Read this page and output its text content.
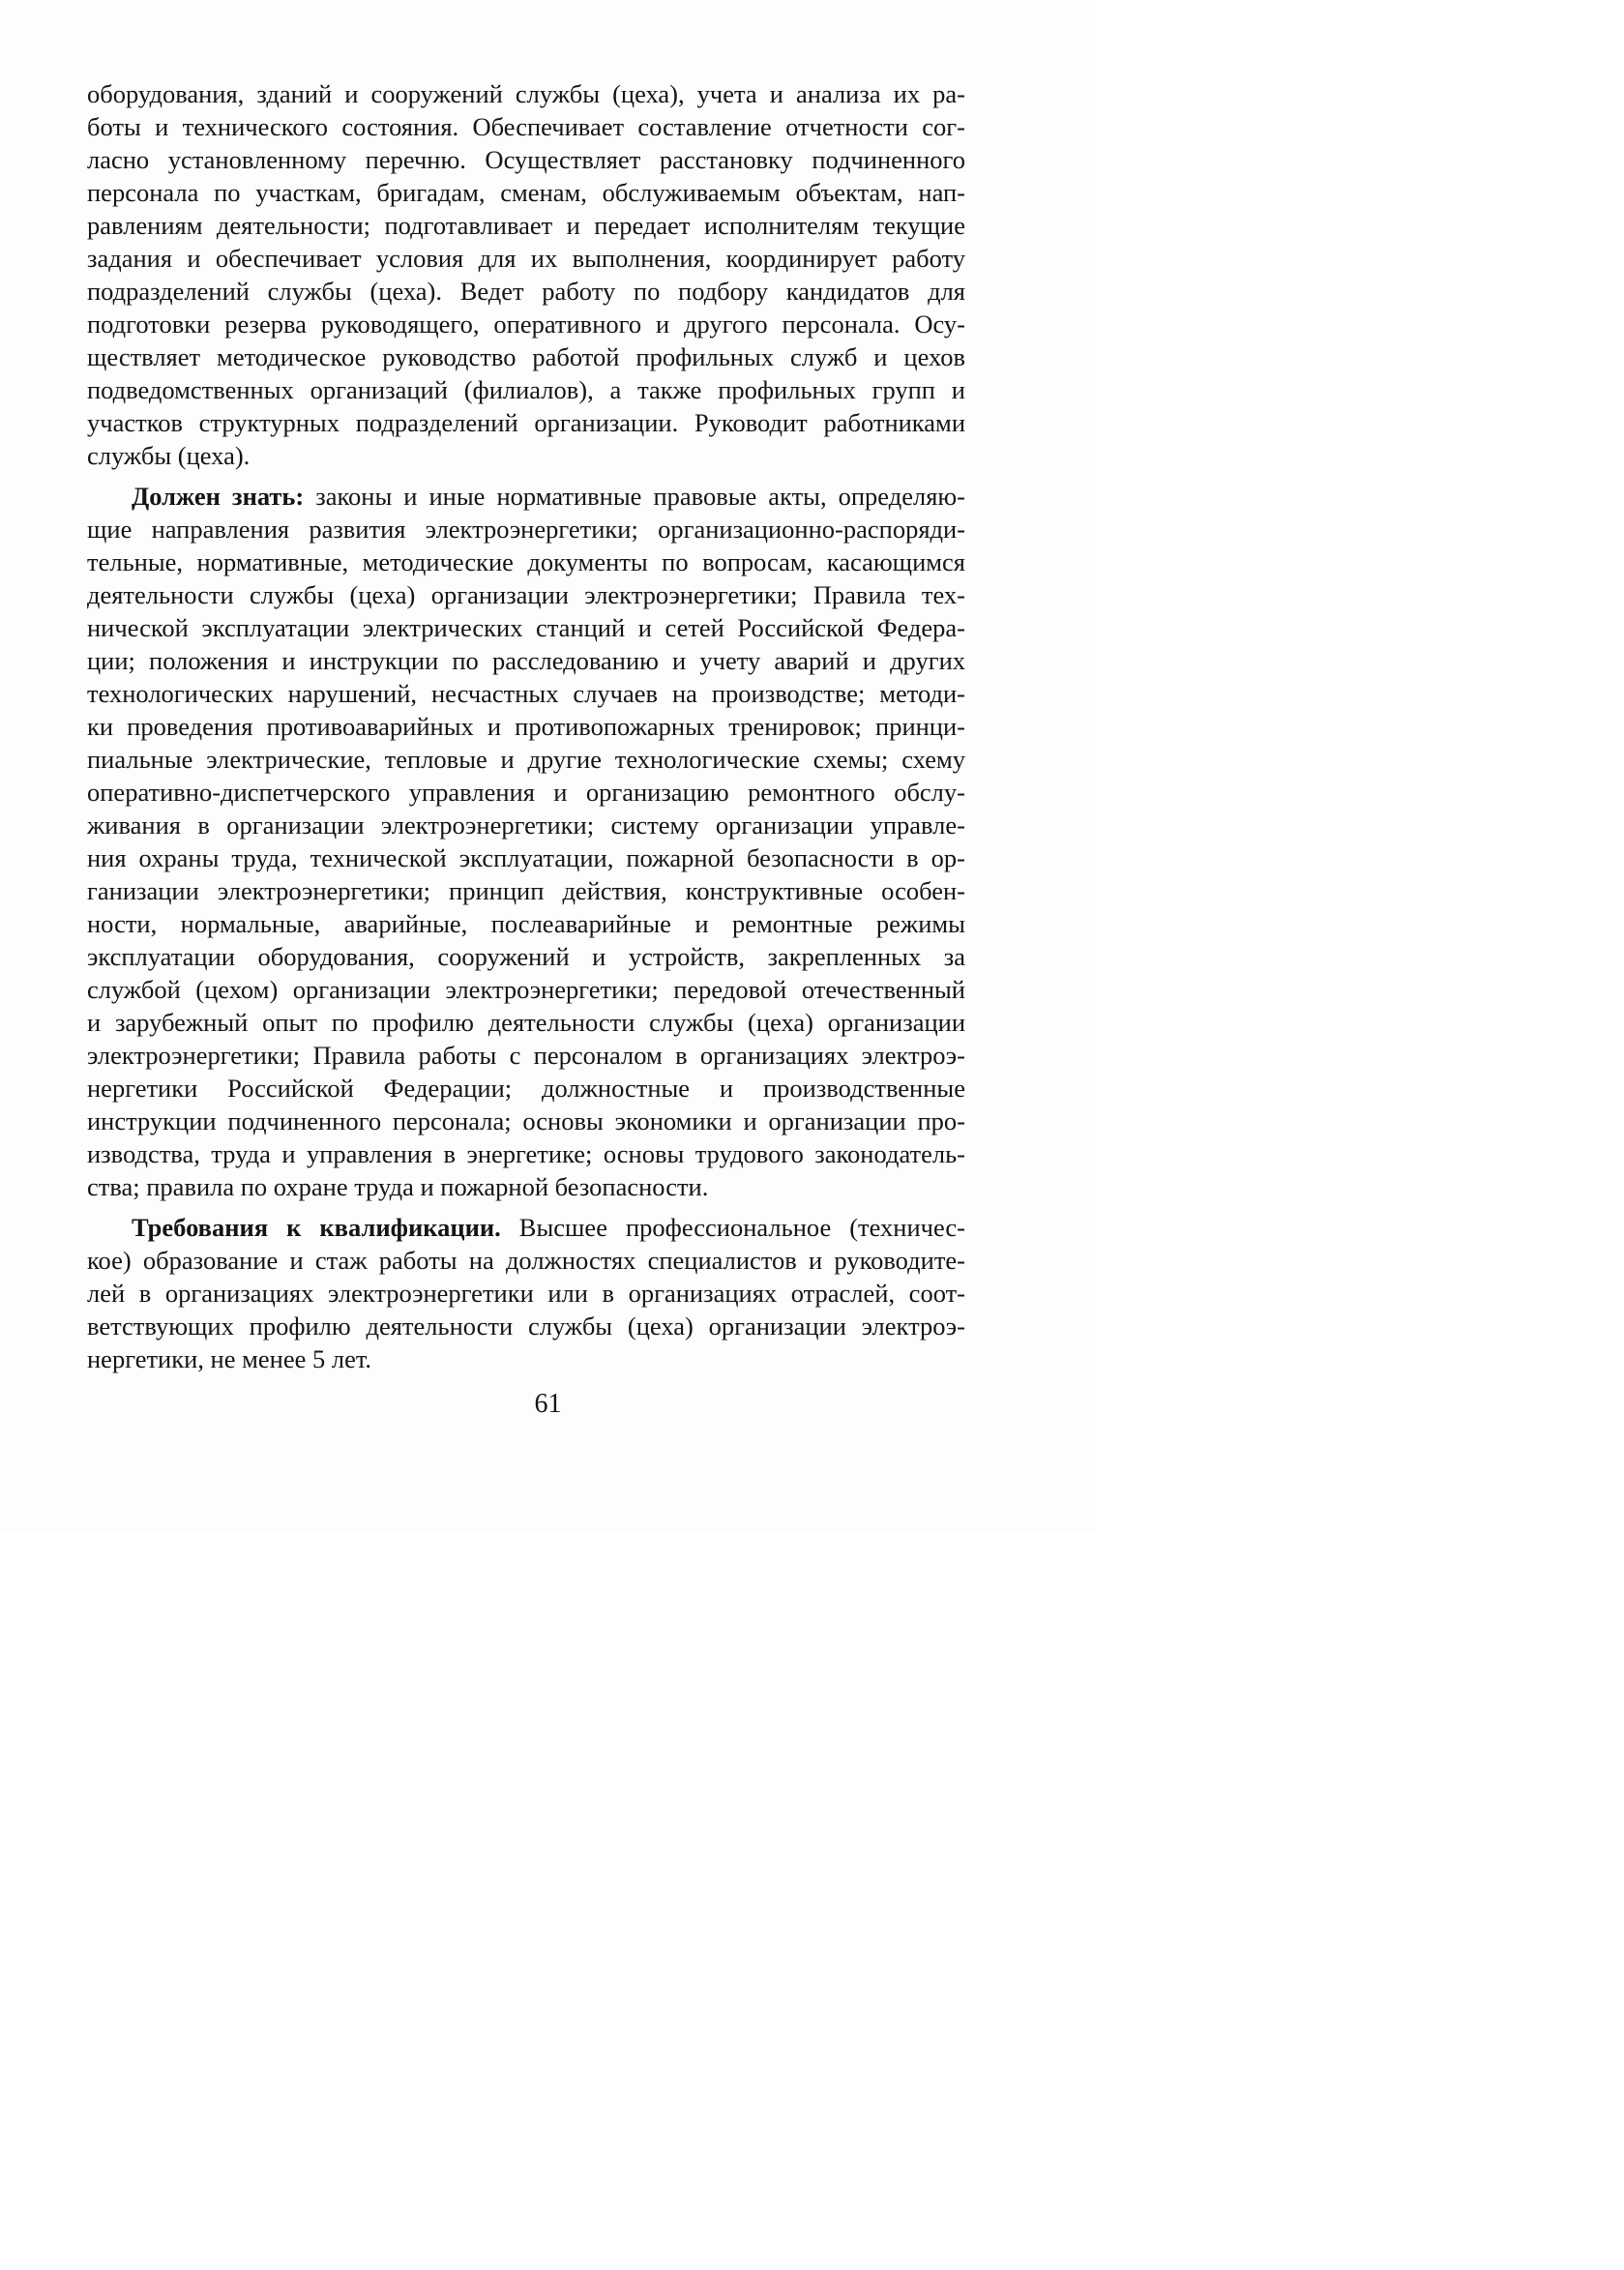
оборудования, зданий и сооружений службы (цеха), учета и анализа их ра-
боты и технического состояния. Обеспечивает составление отчетности сог-
ласно установленному перечню. Осуществляет расстановку подчиненного
персонала по участкам, бригадам, сменам, обслуживаемым объектам, нап-
равлениям деятельности; подготавливает и передает исполнителям текущие
задания и обеспечивает условия для их выполнения, координирует работу
подразделений службы (цеха). Ведет работу по подбору кандидатов для
подготовки резерва руководящего, оперативного и другого персонала. Осу-
ществляет методическое руководство работой профильных служб и цехов
подведомственных организаций (филиалов), а также профильных групп и
участков структурных подразделений организации. Руководит работниками
службы (цеха).
Должен знать: законы и иные нормативные правовые акты, определяю-
щие направления развития электроэнергетики; организационно-распоряди-
тельные, нормативные, методические документы по вопросам, касающимся
деятельности службы (цеха) организации электроэнергетики; Правила тех-
нической эксплуатации электрических станций и сетей Российской Федера-
ции; положения и инструкции по расследованию и учету аварий и других
технологических нарушений, несчастных случаев на производстве; методи-
ки проведения противоаварийных и противопожарных тренировок; принци-
пиальные электрические, тепловые и другие технологические схемы; схему
оперативно-диспетчерского управления и организацию ремонтного обслу-
живания в организации электроэнергетики; систему организации управле-
ния охраны труда, технической эксплуатации, пожарной безопасности в ор-
ганизации электроэнергетики; принцип действия, конструктивные особен-
ности, нормальные, аварийные, послеаварийные и ремонтные режимы
эксплуатации оборудования, сооружений и устройств, закрепленных за
службой (цехом) организации электроэнергетики; передовой отечественный
и зарубежный опыт по профилю деятельности службы (цеха) организации
электроэнергетики; Правила работы с персоналом в организациях электроэ-
нергетики Российской Федерации; должностные и производственные
инструкции подчиненного персонала; основы экономики и организации про-
изводства, труда и управления в энергетике; основы трудового законодатель-
ства; правила по охране труда и пожарной безопасности.
Требования к квалификации. Высшее профессиональное (техничес-
кое) образование и стаж работы на должностях специалистов и руководите-
лей в организациях электроэнергетики или в организациях отраслей, соот-
ветствующих профилю деятельности службы (цеха) организации электроэ-
нергетики, не менее 5 лет.
61
